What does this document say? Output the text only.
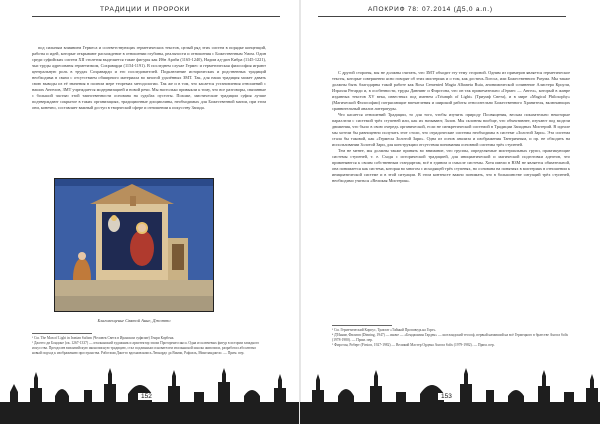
ТРАДИЦИИ И ПРОРОКИ

под сильным влиянием Гермеса и соответствующих герметических текстов, целый ряд этих систем в порядке концепций, работы и идей, которые открывают расхождение в отношении глубины, реальности и отношения с Божественным Умом. Один среди суфийских систем XII столетия выделяется такие фигуры как Ибн Араби (1165-1240), Надим ад-дин Кибра (1145-1221), чьи труды адресованы герметизмом, Сохраварди (1154-1191). В последнем случае Гермес и герметическая философия играют центральную роль в трудах Сохраварди и его последователей. Подключение исторических и родственных традиций необходима в связи с отсутствием обширного материала во многой удалённых ЗМТ. Так, для наша традиция может давать свою выводы из её значения в полном мере теоремах методологии. Так же и в том, что касается установления отношений с наших Ангелов, ЗМТ учреждается модернизацией и новой речи. Мы настолько привыкли к тому, что все разговоры, связанные с большой частью этой таинственности основана на судьбах пустоты. Похоже, мистические традиции суфия лучше подтверждают сокрытое в таких организациях, традиционные дисциплины, необходимых для Божественной магии, при этом они, конечно, составляет важный доступ в творческой сфере и отношении к искусству Запада.

Благовещенье Святой Анне, Джотто
¹ См. The Man of Light in Iranian Sufism (Человек Света в Иранском суфизме) Генри Корбена.
² Джотто ди Бондоне (ок. 1267-1337) — итальянский художник и архитектор эпохи Проторенессанса. Одна из ключевых фигур в истории западного искусства. Преодолев византийскую иконописную традицию, стал подлинным основателем итальянской школы живописи, разработал абсолютно новый подход к изображению пространства. Работами Джотто вдохновлялись Леонардо да Винчи, Рафаэль, Микеланджело. — Прим. пер.
152
АПОКРИФ 78: 07.2014 (Д5,0 а.п.)

С другой стороны, мы не должны считать, что ЗМТ обходит эту тему стороной. Одним из примеров является герметическое тексты, которые совершенно ясно говорят об этих мистериях и о том, как достичь Логоса, или Божественного Разума. Мы также должны быть благодарны такой работе как Rosa Cemented Magia Albaneta Ruia, анонимической сочинение Алистера Кроули, Израэля Регарди и, в особенности, труды Даннинг и Фирстона, что он так примечательно «Гермес — Ангел», который в жанре изданных текстов XV века, известных под именем «Triumph of Light» (Триумф Света), и в мире «Magical Philosophy» (Магической Философии) потрясающие впечатления и широкий работы относительно Божественного Хранителя, включающих сравнительный анализ литературы.

Что касается отношений Традиции, то для того, чтобы изучить природу Посвящения, весьма показательно некоторые параллели с системой трёх ступеней или, как их называют, Залов. Мы склонны вообще, что объективнее, изучают под модели движения, что было в свою очередь органической, если не синкретической системой в Традиции Западных Мистерий. В идеале мы хотели бы равноценно получать этот столп, что отрадоческие системы необходимы в системе «Золотой Зари». Эта система стала бы таковой, как «Гермесы Золотой Зари». Одна из основ анализа и изображения Тантричным, и пр. не обходить на использовании Золотой Зари, для конструкции отсутствия понимания основной системы трёх ступеней.

Тем не менее, мы должны также принять во внимание, что группы, определяемые мистериальных групп, практикующие системы ступеней, т. е. Сходя с исторической традицией, для инициатической и магической подготовки адептов, что применяются к своим собственным стандартам, всё в едином и смысле системы. Хотя имели в ВЗМ не является обязательной, она понимается как система, которая во многом с исходящей трёх ступенях, но основана на понятиях в мистериях в отношении к инициатической системе и в этой ситуации. В этом контексте важно понимать, что в большинстве ситуаций трёх ступеней, необходимо учиться «Великая Мистерия».

³ См. Герметический Корпус, Трактат «Тайный Проповедь на Горе».
⁴ Д'Инниг, Филипп (Dinning, 1947) — иначе — «Бенджамин Гарден» — шотландский теософ, первый начавший на всё Гермецкого в братстве Aurora Solis (1978-1980). — Прим. пер.
⁵ Фирстон, Роберт (Firston, 1927-1982) — Великий Мастер Ордена Aurora Solis (1979-1982). — Прим. пер.
153
